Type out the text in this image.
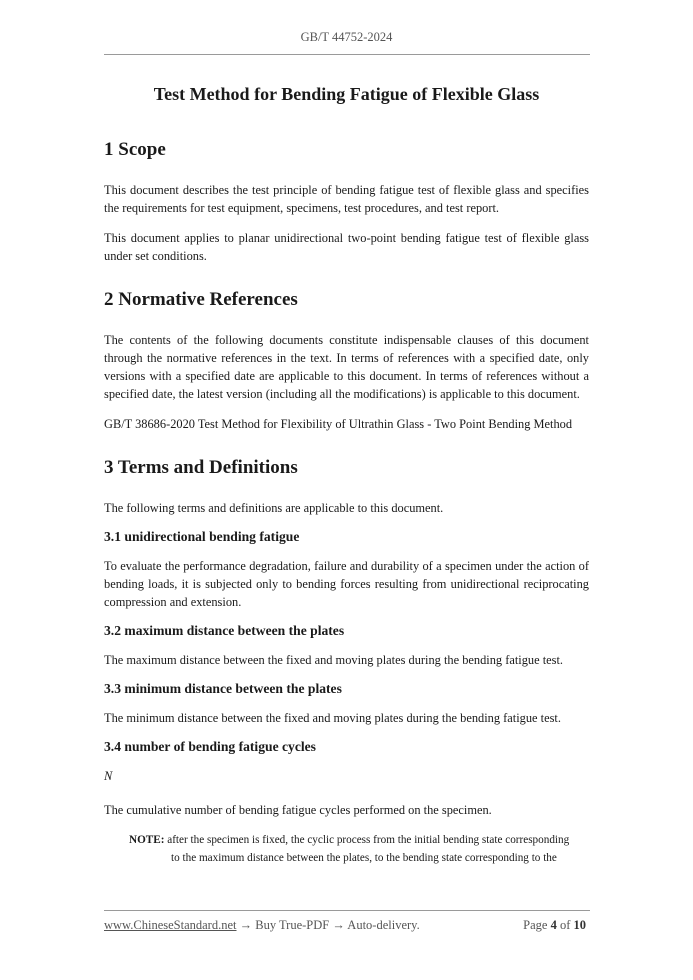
GB/T 44752-2024
Test Method for Bending Fatigue of Flexible Glass
1 Scope

This document describes the test principle of bending fatigue test of flexible glass and specifies the requirements for test equipment, specimens, test procedures, and test report.

This document applies to planar unidirectional two-point bending fatigue test of flexible glass under set conditions.

2 Normative References

The contents of the following documents constitute indispensable clauses of this document through the normative references in the text. In terms of references with a specified date, only versions with a specified date are applicable to this document. In terms of references without a specified date, the latest version (including all the modifications) is applicable to this document.

GB/T 38686-2020 Test Method for Flexibility of Ultrathin Glass - Two Point Bending Method

3 Terms and Definitions

The following terms and definitions are applicable to this document.

3.1 unidirectional bending fatigue

To evaluate the performance degradation, failure and durability of a specimen under the action of bending loads, it is subjected only to bending forces resulting from unidirectional reciprocating compression and extension.

3.2 maximum distance between the plates

The maximum distance between the fixed and moving plates during the bending fatigue test.

3.3 minimum distance between the plates

The minimum distance between the fixed and moving plates during the bending fatigue test.

3.4 number of bending fatigue cycles

N

The cumulative number of bending fatigue cycles performed on the specimen.

NOTE: after the specimen is fixed, the cyclic process from the initial bending state corresponding
to the maximum distance between the plates, to the bending state corresponding to the
www.ChineseStandard.net → Buy True-PDF → Auto-delivery.	Page 4 of 10
